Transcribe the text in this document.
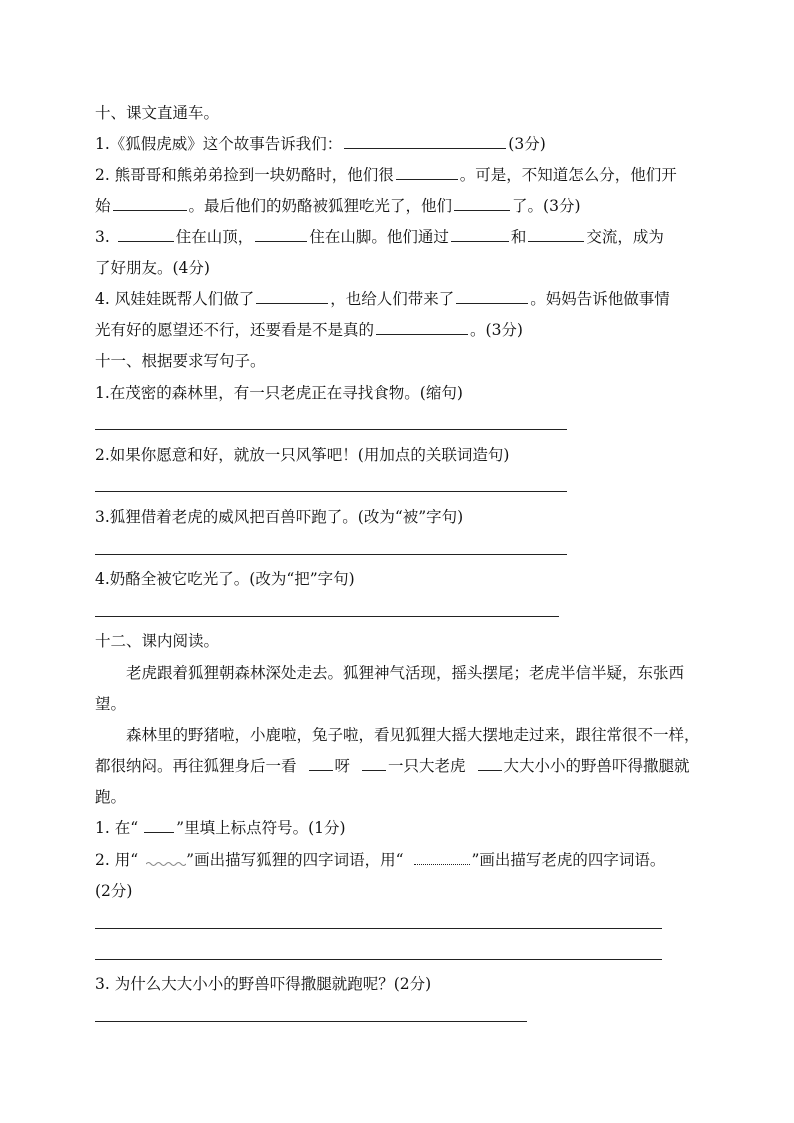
十、课文直通车。
1.《狐假虎威》这个故事告诉我们：	(3分)
2. 熊哥哥和熊弟弟捡到一块奶酪时，他们很	。可是，不知道怎么分，他们开
始	。最后他们的奶酪被狐狸吃光了，他们	了。(3分)
3.	住在山顶，	住在山脚。他们通过	和	交流，成为
了好朋友。(4分)
4. 风娃娃既帮人们做了	，也给人们带来了	。妈妈告诉他做事情
光有好的愿望还不行，还要看是不是真的	。(3分)
十一、根据要求写句子。
1.在茂密的森林里，有一只老虎正在寻找食物。(缩句)
2.如果你愿意和好，就放一只风筝吧！(用加点的关联词造句)
3.狐狸借着老虎的威风把百兽吓跑了。(改为“被”字句)
4.奶酪全被它吃光了。(改为“把”字句)
十二、课内阅读。
老虎跟着狐狸朝森林深处走去。狐狸神气活现，摇头摆尾；老虎半信半疑，东张西
望。
森林里的野猪啦，小鹿啦，兔子啦，看见狐狸大摇大摆地走过来，跟往常很不一样，
都很纳闷。再往狐狸身后一看 呀 一只大老虎 大大小小的野兽吓得撒腿就
跑。
1. 在“ ”里填上标点符号。(1分)
2. 用“	”画出描写狐狸的四字词语，用“	”画出描写老虎的四字词语。
(2分)
3. 为什么大大小小的野兽吓得撒腿就跑呢？(2分)
